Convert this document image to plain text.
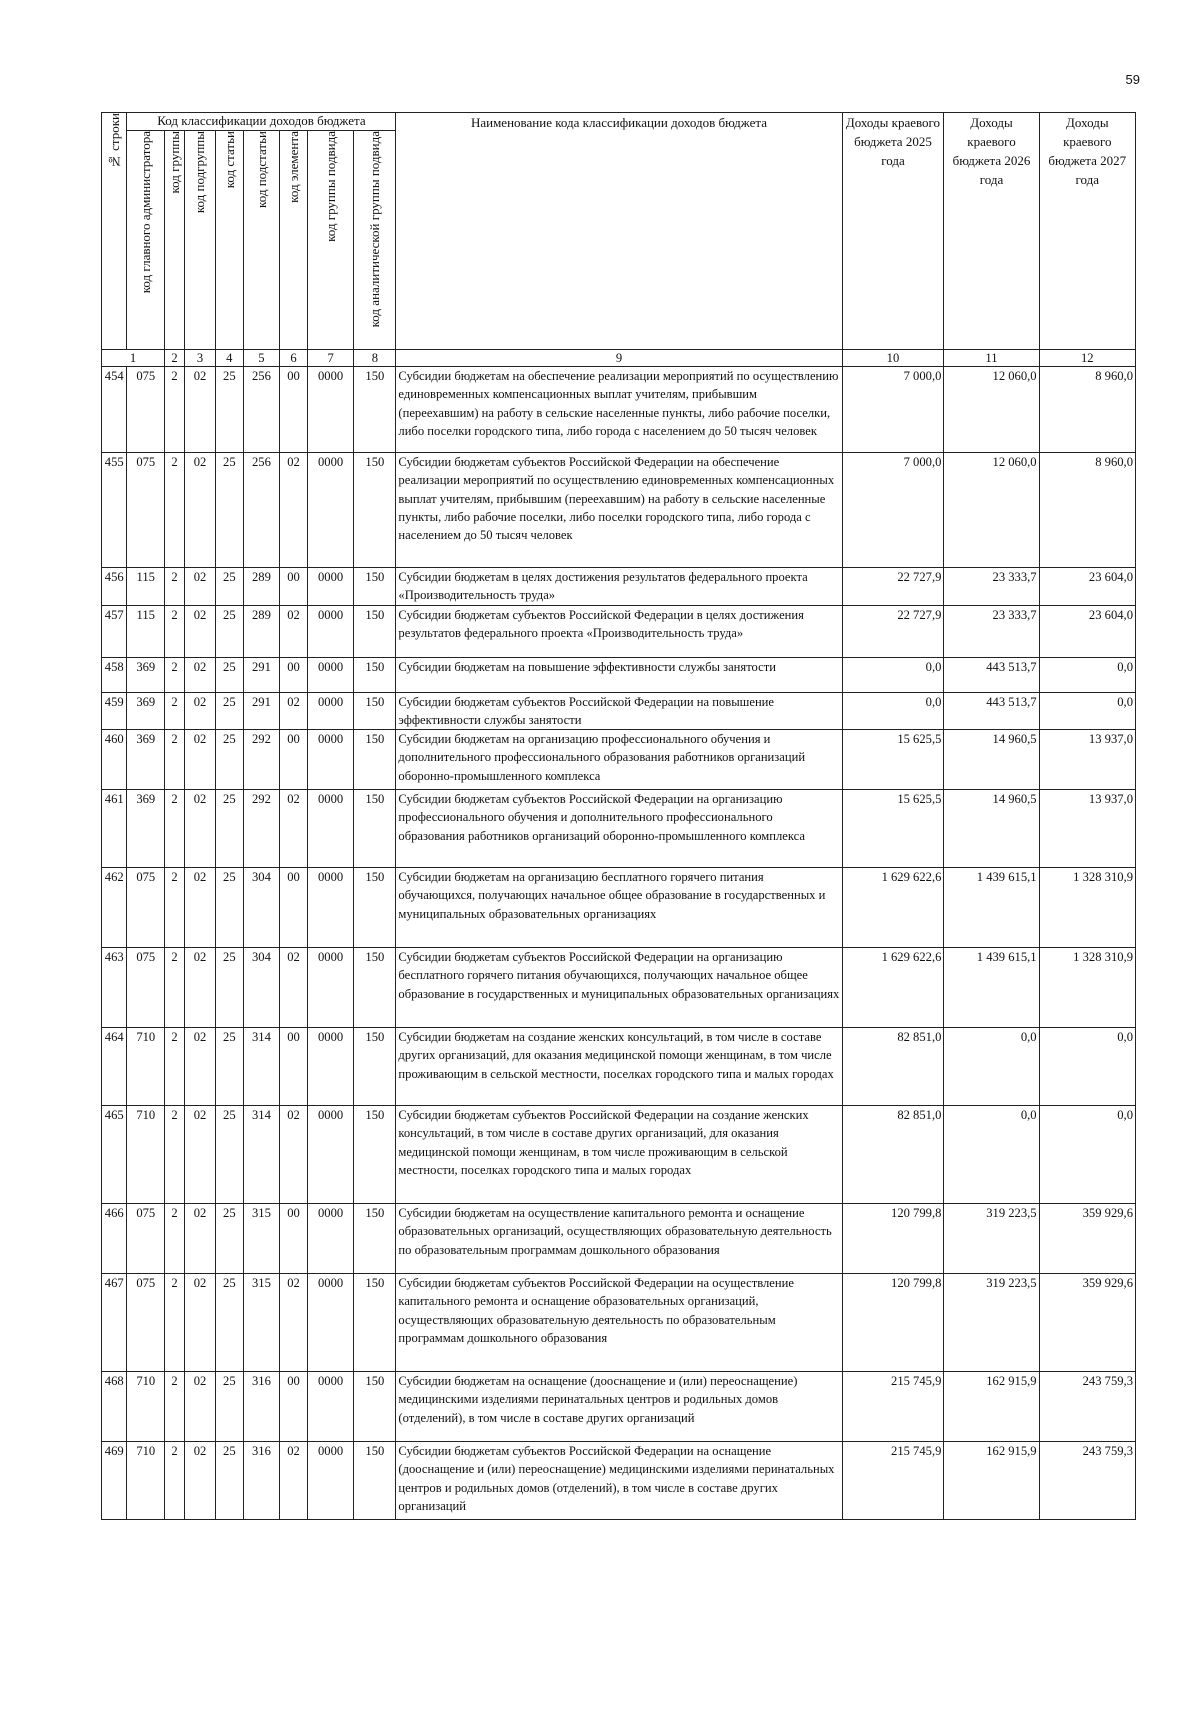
59
№ строки	Код классификации доходов бюджета								Наименование кода классификации доходов бюджета	Доходы краевого бюджета 2025 года	Доходы краевого бюджета 2026 года	Доходы краевого бюджета 2027 года

	код главного администратора	код группы	код подгруппы	код статьи	код подстатьи	код элемента	код группы подвида	код аналитической группы подвида				

1		2	3	4	5	6	7	8	9	10	11	12
454	075	2	02	25	256	00	0000	150	Субсидии бюджетам на обеспечение реализации мероприятий по осуществлению единовременных компенсационных выплат учителям, прибывшим (переехавшим) на работу в сельские населенные пункты, либо рабочие поселки, либо поселки городского типа, либо города с населением до 50 тысяч человек	7 000,0	12 060,0	8 960,0
455	075	2	02	25	256	02	0000	150	Субсидии бюджетам субъектов Российской Федерации на обеспечение реализации мероприятий по осуществлению единовременных компенсационных выплат учителям, прибывшим (переехавшим) на работу в сельские населенные пункты, либо рабочие поселки, либо поселки городского типа, либо города с населением до 50 тысяч человек	7 000,0	12 060,0	8 960,0
456	115	2	02	25	289	00	0000	150	Субсидии бюджетам в целях достижения результатов федерального проекта «Производительность труда»	22 727,9	23 333,7	23 604,0
457	115	2	02	25	289	02	0000	150	Субсидии бюджетам субъектов Российской Федерации в целях достижения результатов федерального проекта «Производительность труда»	22 727,9	23 333,7	23 604,0
458	369	2	02	25	291	00	0000	150	Субсидии бюджетам на повышение эффективности службы занятости	0,0	443 513,7	0,0
459	369	2	02	25	291	02	0000	150	Субсидии бюджетам субъектов Российской Федерации на повышение эффективности службы занятости	0,0	443 513,7	0,0
460	369	2	02	25	292	00	0000	150	Субсидии бюджетам на организацию профессионального обучения и дополнительного профессионального образования работников организаций оборонно-промышленного комплекса	15 625,5	14 960,5	13 937,0
461	369	2	02	25	292	02	0000	150	Субсидии бюджетам субъектов Российской Федерации на организацию профессионального обучения и дополнительного профессионального образования работников организаций оборонно-промышленного комплекса	15 625,5	14 960,5	13 937,0
462	075	2	02	25	304	00	0000	150	Субсидии бюджетам на организацию бесплатного горячего питания обучающихся, получающих начальное общее образование в государственных и муниципальных образовательных организациях	1 629 622,6	1 439 615,1	1 328 310,9
463	075	2	02	25	304	02	0000	150	Субсидии бюджетам субъектов Российской Федерации на организацию бесплатного горячего питания обучающихся, получающих начальное общее образование в государственных и муниципальных образовательных организациях	1 629 622,6	1 439 615,1	1 328 310,9
464	710	2	02	25	314	00	0000	150	Субсидии бюджетам на создание женских консультаций, в том числе в составе других организаций, для оказания медицинской помощи женщинам, в том числе проживающим в сельской местности, поселках городского типа и малых городах	82 851,0	0,0	0,0
465	710	2	02	25	314	02	0000	150	Субсидии бюджетам субъектов Российской Федерации на создание женских консультаций, в том числе в составе других организаций, для оказания медицинской помощи женщинам, в том числе проживающим в сельской местности, поселках городского типа и малых городах	82 851,0	0,0	0,0
466	075	2	02	25	315	00	0000	150	Субсидии бюджетам на осуществление капитального ремонта и оснащение образовательных организаций, осуществляющих образовательную деятельность по образовательным программам дошкольного образования	120 799,8	319 223,5	359 929,6
467	075	2	02	25	315	02	0000	150	Субсидии бюджетам субъектов Российской Федерации на осуществление капитального ремонта и оснащение образовательных организаций, осуществляющих образовательную деятельность по образовательным программам дошкольного образования	120 799,8	319 223,5	359 929,6
468	710	2	02	25	316	00	0000	150	Субсидии бюджетам на оснащение (дооснащение и (или) переоснащение) медицинскими изделиями перинатальных центров и родильных домов (отделений), в том числе в составе других организаций	215 745,9	162 915,9	243 759,3
469	710	2	02	25	316	02	0000	150	Субсидии бюджетам субъектов Российской Федерации на оснащение (дооснащение и (или) переоснащение) медицинскими изделиями перинатальных центров и родильных домов (отделений), в том числе в составе других организаций	215 745,9	162 915,9	243 759,3
